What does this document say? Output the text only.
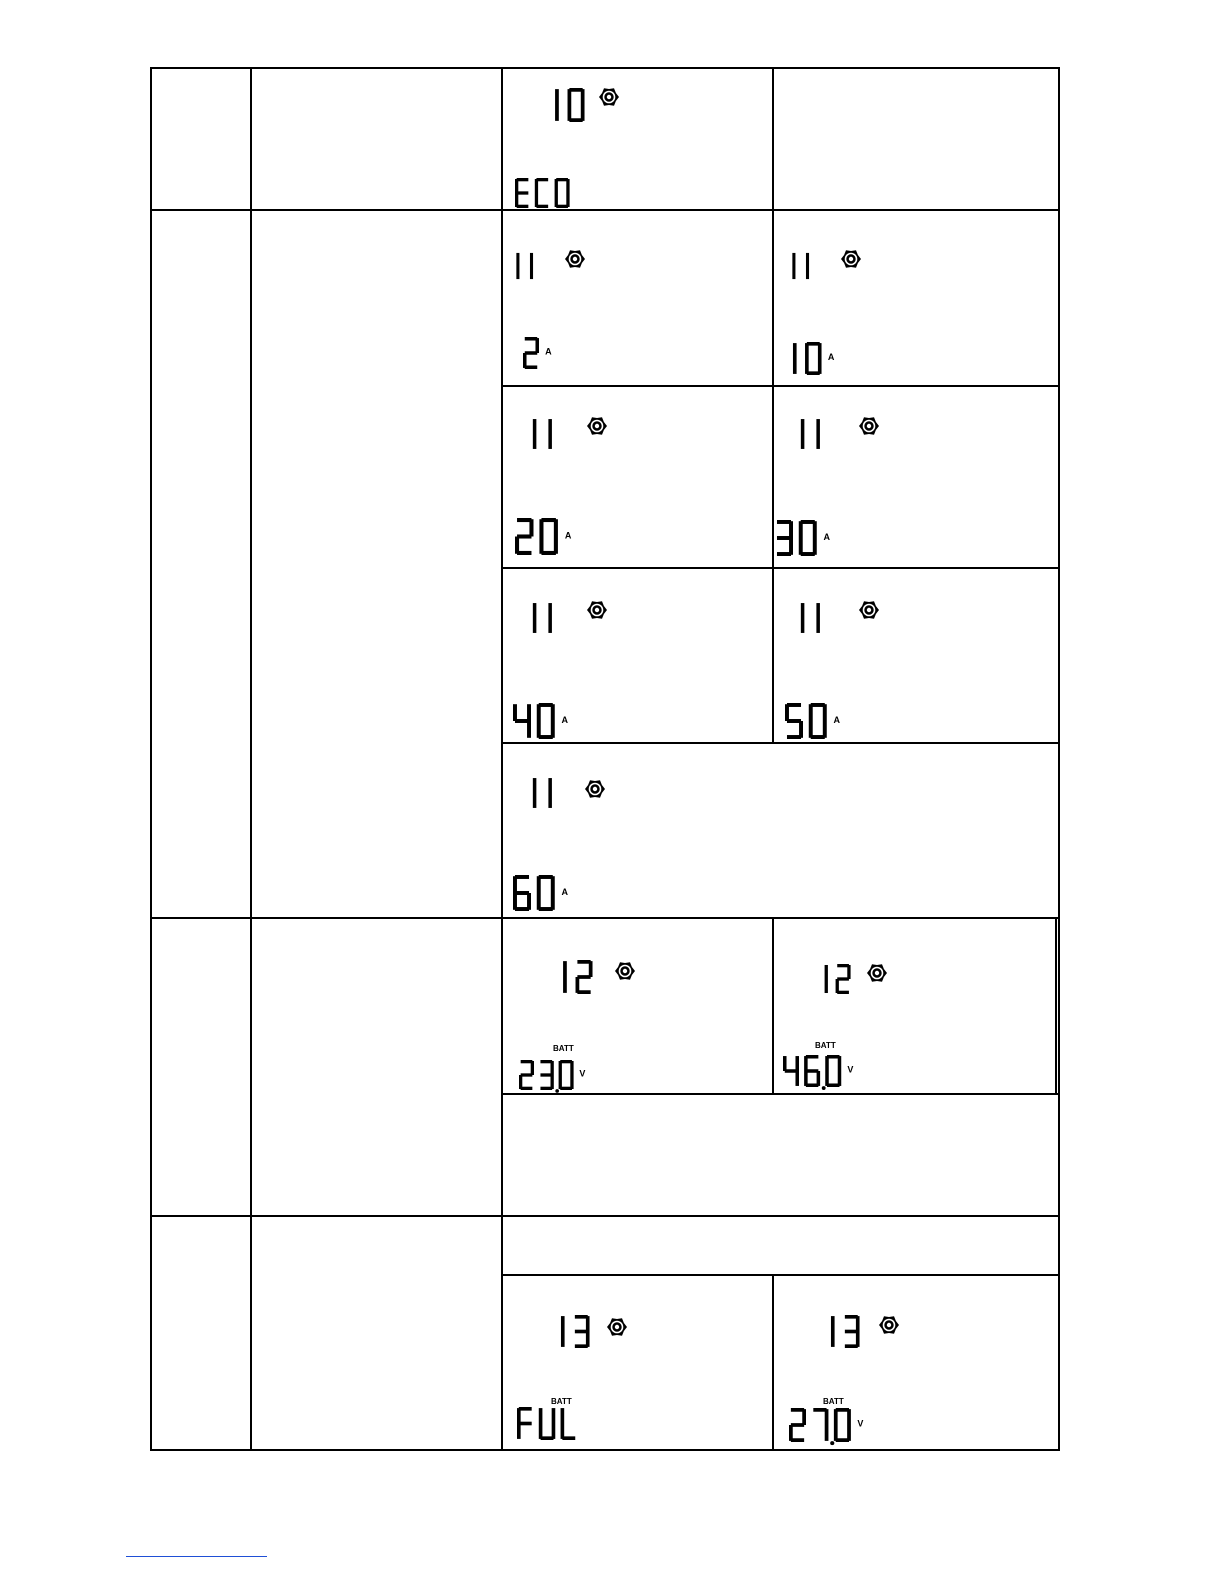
A
A
A	A
A	A
A
V
BATT
V
BATT
BATT
V
BATT
